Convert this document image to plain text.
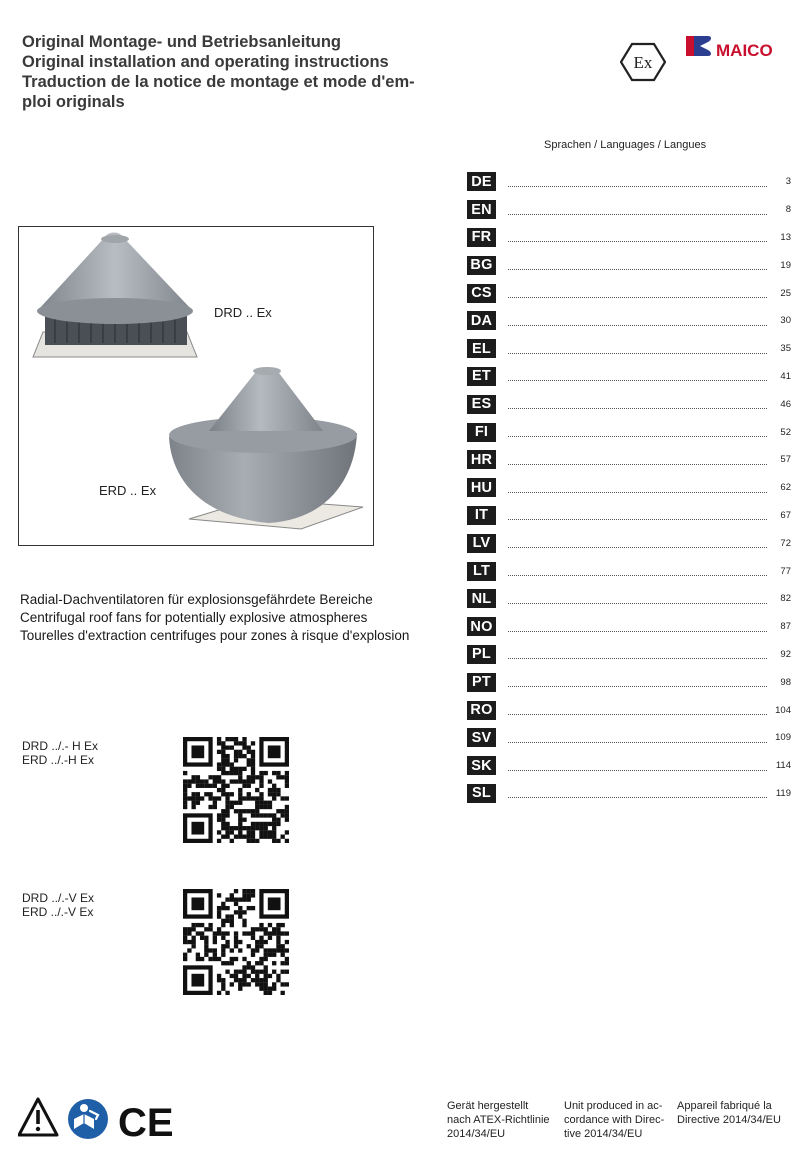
Original Montage- und Betriebsanleitung
Original installation and operating instructions
Traduction de la notice de montage et mode d'em-
ploi originals
Ex
MAICO
DRD .. Ex
ERD .. Ex
Radial-Dachventilatoren für explosionsgefährdete Bereiche
Centrifugal roof fans for potentially explosive atmospheres
Tourelles d'extraction centrifuges pour zones à risque d'explosion
DRD ../.- H Ex
ERD ../.-H Ex
DRD ../.-V Ex
ERD ../.-V Ex
Sprachen / Languages / Langues
DE	3
EN	8
FR	13
BG	19
CS	25
DA	30
EL	35
ET	41
ES	46
FI	52
HR	57
HU	62
IT	67
LV	72
LT	77
NL	82
NO	87
PL	92
PT	98
RO	104
SV	109
SK	114
SL	119
CE	Gerät hergestellt
nach ATEX-Richtlinie
2014/34/EU
Unit produced in ac-
cordance with Direc-
tive 2014/34/EU
Appareil fabriqué la
Directive 2014/34/EU
